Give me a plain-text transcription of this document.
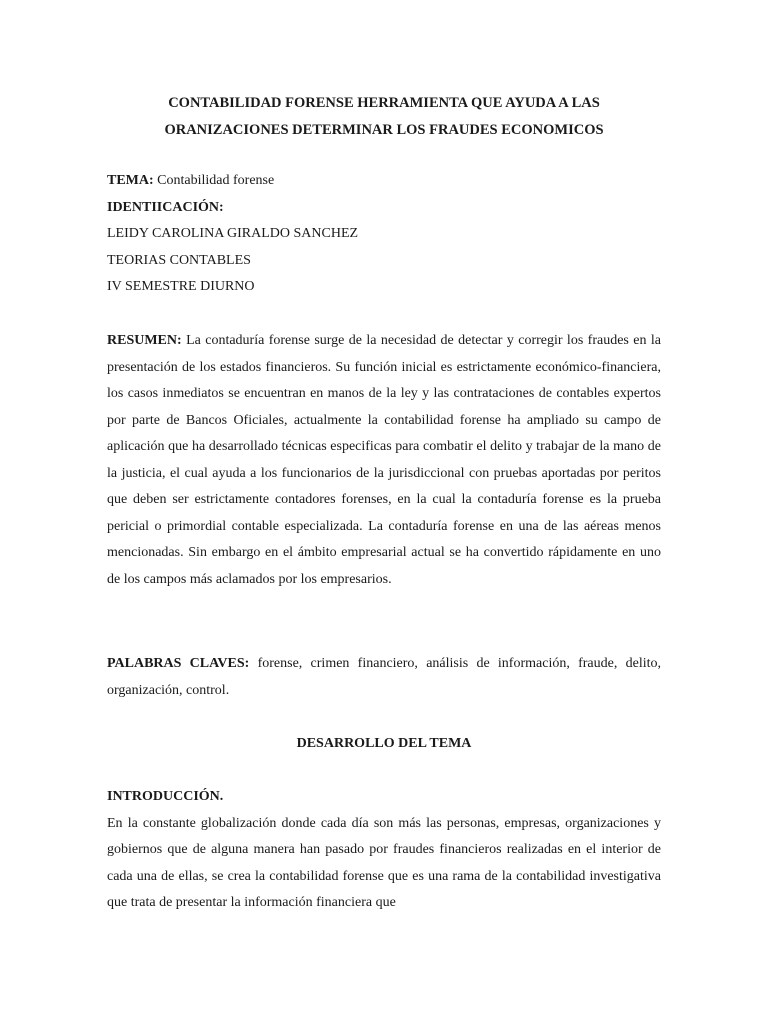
CONTABILIDAD FORENSE HERRAMIENTA QUE AYUDA A LAS
ORANIZACIONES DETERMINAR LOS FRAUDES ECONOMICOS
TEMA: Contabilidad forense
IDENTIICACIÓN:
LEIDY CAROLINA GIRALDO SANCHEZ
TEORIAS CONTABLES
IV SEMESTRE DIURNO

RESUMEN: La contaduría forense surge de la necesidad de detectar y corregir los fraudes en la presentación de los estados financieros. Su función inicial es estrictamente económico-financiera, los casos inmediatos se encuentran en manos de la ley y las contrataciones de contables expertos por parte de Bancos Oficiales, actualmente la contabilidad forense ha ampliado su campo de aplicación que ha desarrollado técnicas especificas para combatir el delito y trabajar de la mano de la justicia, el cual ayuda a los funcionarios de la jurisdiccional con pruebas aportadas por peritos que deben ser estrictamente contadores forenses, en la cual la contaduría forense es la prueba pericial o primordial contable especializada. La contaduría forense en una de las aéreas menos mencionadas. Sin embargo en el ámbito empresarial actual se ha convertido rápidamente en uno de los campos más aclamados por los empresarios.

PALABRAS CLAVES: forense, crimen financiero, análisis de información, fraude, delito, organización, control.

DESARROLLO DEL TEMA
INTRODUCCIÓN.

En la constante globalización donde cada día son más las personas, empresas, organizaciones y gobiernos que de alguna manera han pasado por fraudes financieros realizadas en el interior de cada una de ellas, se crea la contabilidad forense que es una rama de la contabilidad investigativa que trata de presentar la información financiera que
